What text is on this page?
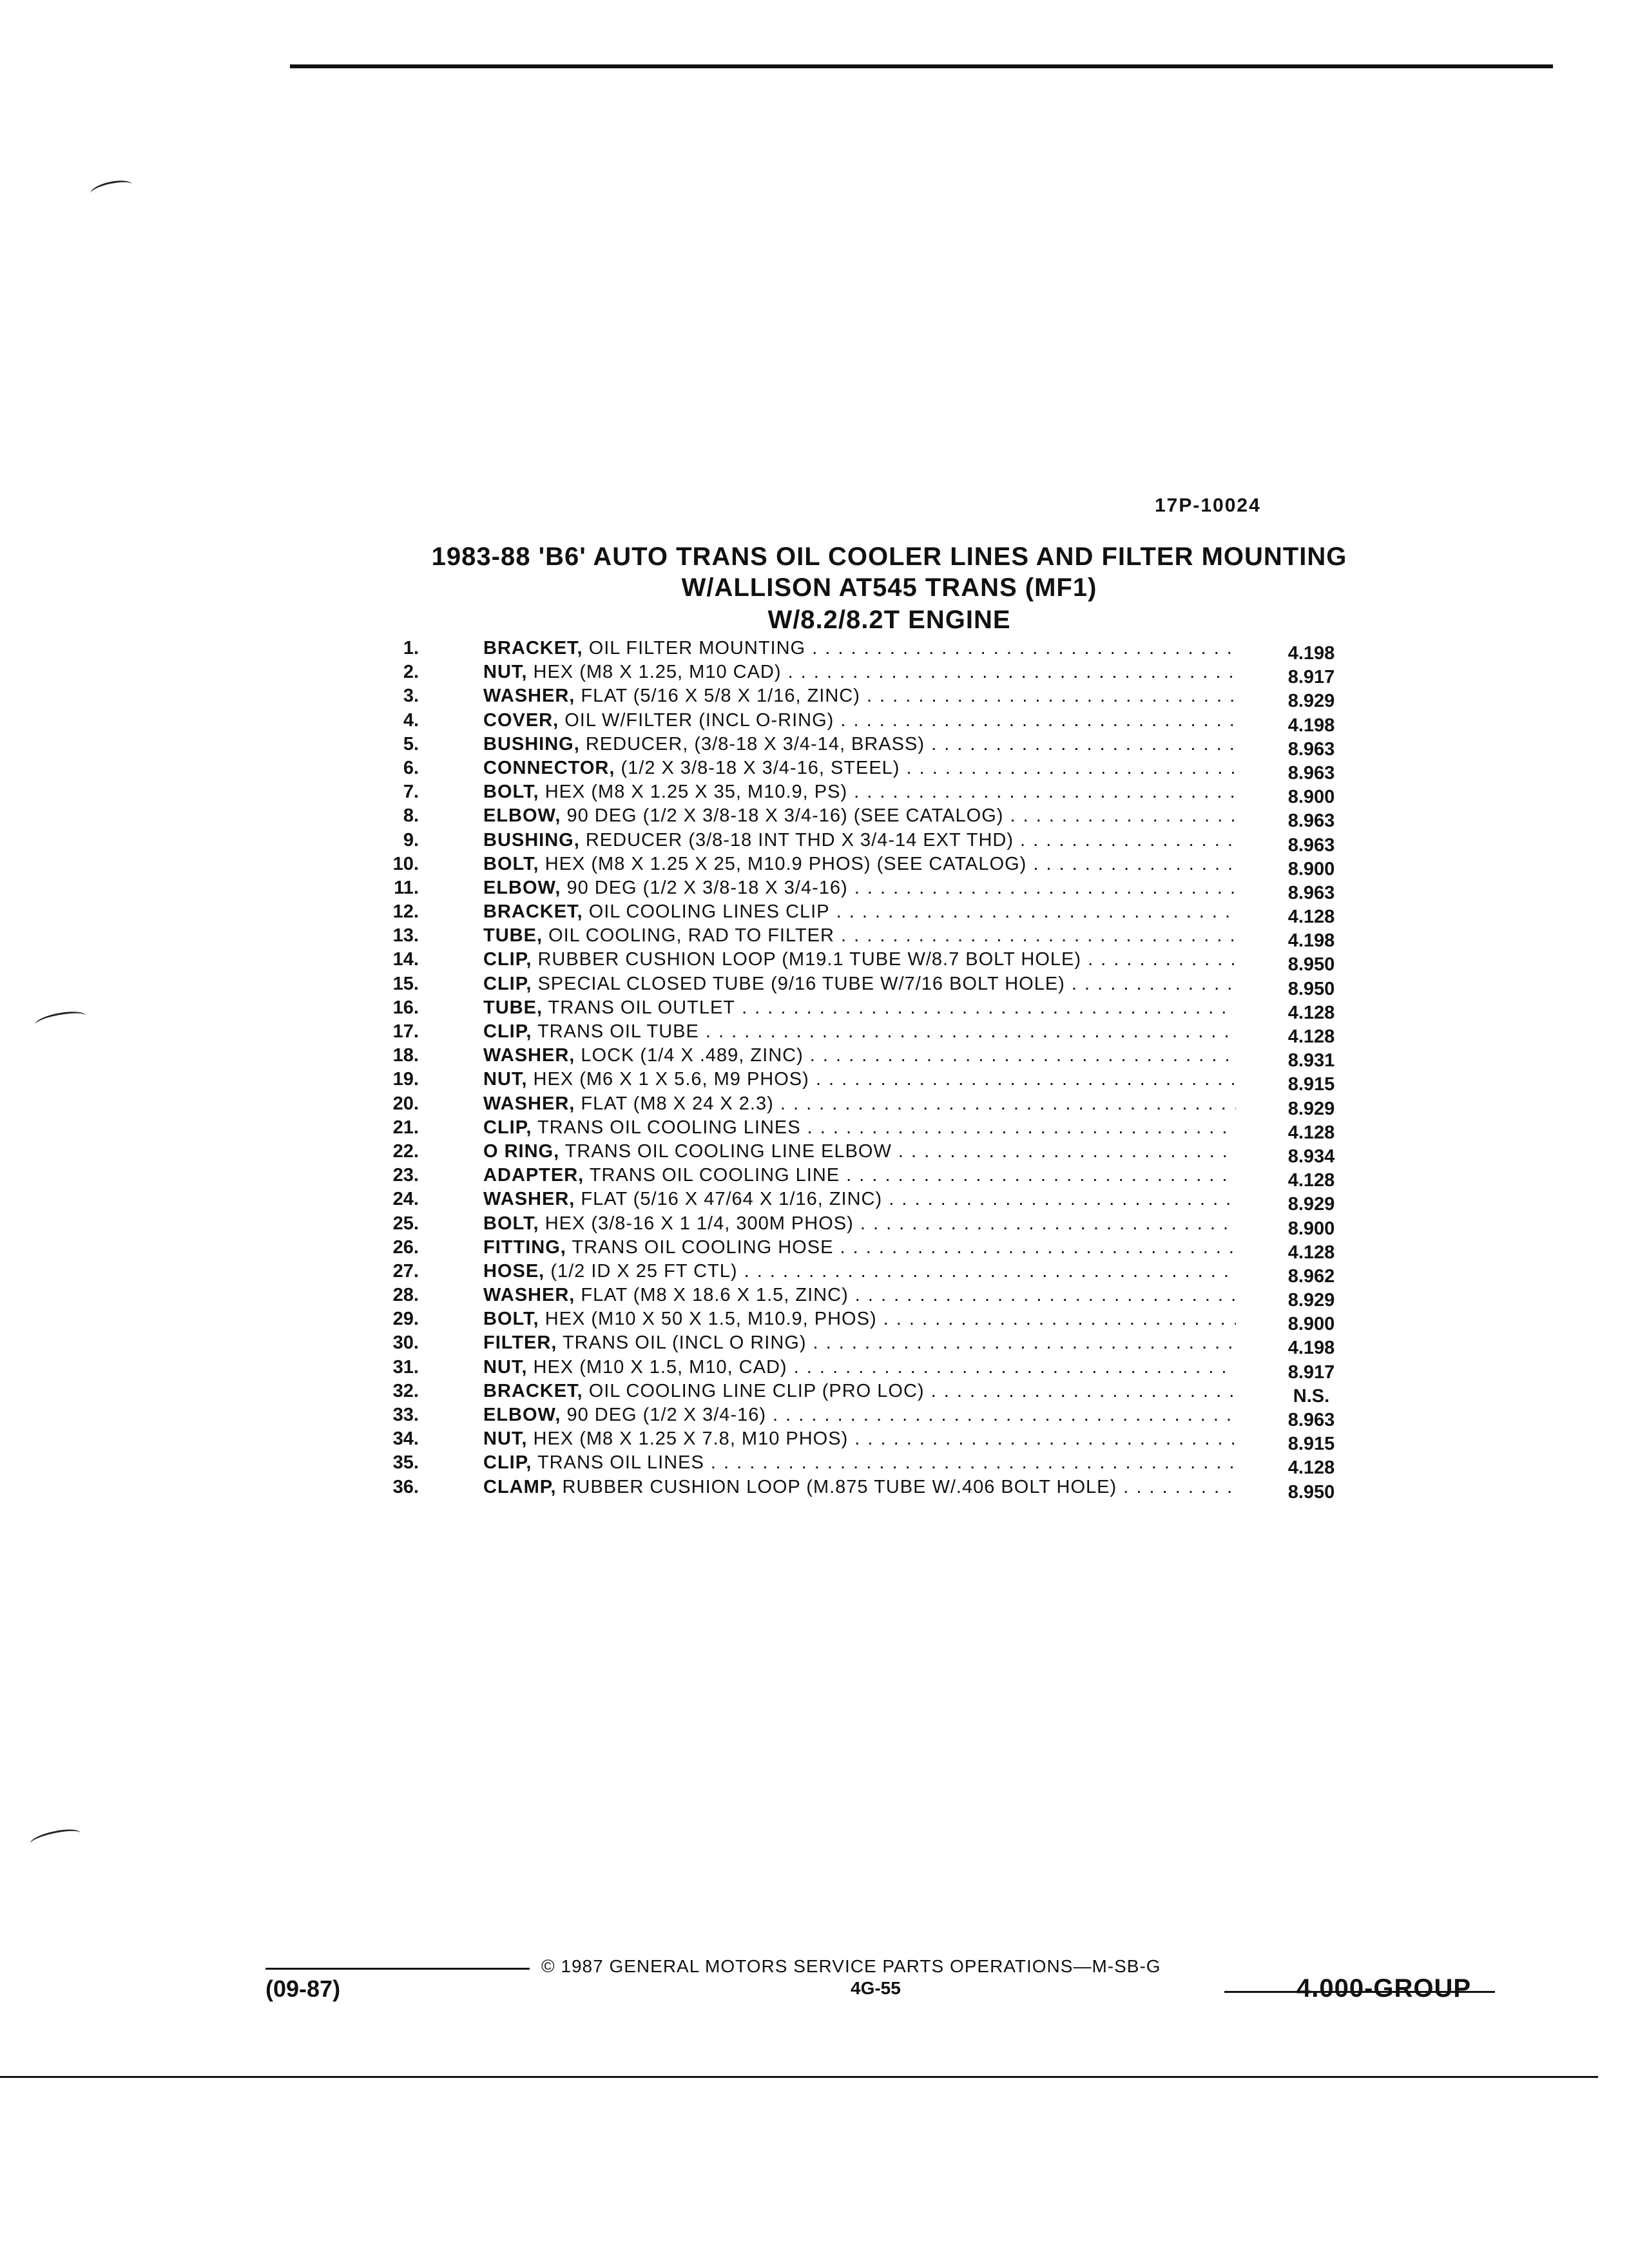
17P-10024
1983-88 'B6' AUTO TRANS OIL COOLER LINES AND FILTER MOUNTING
W/ALLISON AT545 TRANS (MF1)
W/8.2/8.2T ENGINE
1.	BRACKET, OIL FILTER MOUNTING . . .	4.198
2.	NUT, HEX (M8 X 1.25, M10 CAD) . . .	8.917
3.	WASHER, FLAT (5/16 X 5/8 X 1/16, ZINC) . . .	8.929
4.	COVER, OIL W/FILTER (INCL O-RING) . . .	4.198
5.	BUSHING, REDUCER, (3/8-18 X 3/4-14, BRASS) . . .	8.963
6.	CONNECTOR, (1/2 X 3/8-18 X 3/4-16, STEEL) . . .	8.963
7.	BOLT, HEX (M8 X 1.25 X 35, M10.9, PS) . . .	8.900
8.	ELBOW, 90 DEG (1/2 X 3/8-18 X 3/4-16) (SEE CATALOG) . . .	8.963
9.	BUSHING, REDUCER (3/8-18 INT THD X 3/4-14 EXT THD) . . .	8.963
10.	BOLT, HEX (M8 X 1.25 X 25, M10.9 PHOS) (SEE CATALOG) . . .	8.900
11.	ELBOW, 90 DEG (1/2 X 3/8-18 X 3/4-16) . . .	8.963
12.	BRACKET, OIL COOLING LINES CLIP . . .	4.128
13.	TUBE, OIL COOLING, RAD TO FILTER . . .	4.198
14.	CLIP, RUBBER CUSHION LOOP (M19.1 TUBE W/8.7 BOLT HOLE) . . .	8.950
15.	CLIP, SPECIAL CLOSED TUBE (9/16 TUBE W/7/16 BOLT HOLE) . . .	8.950
16.	TUBE, TRANS OIL OUTLET . . .	4.128
17.	CLIP, TRANS OIL TUBE . . .	4.128
18.	WASHER, LOCK (1/4 X .489, ZINC) . . .	8.931
19.	NUT, HEX (M6 X 1 X 5.6, M9 PHOS) . . .	8.915
20.	WASHER, FLAT (M8 X 24 X 2.3) . . .	8.929
21.	CLIP, TRANS OIL COOLING LINES . . .	4.128
22.	O RING, TRANS OIL COOLING LINE ELBOW . . .	8.934
23.	ADAPTER, TRANS OIL COOLING LINE . . .	4.128
24.	WASHER, FLAT (5/16 X 47/64 X 1/16, ZINC) . . .	8.929
25.	BOLT, HEX (3/8-16 X 1 1/4, 300M PHOS) . . .	8.900
26.	FITTING, TRANS OIL COOLING HOSE . . .	4.128
27.	HOSE, (1/2 ID X 25 FT CTL) . . .	8.962
28.	WASHER, FLAT (M8 X 18.6 X 1.5, ZINC) . . .	8.929
29.	BOLT, HEX (M10 X 50 X 1.5, M10.9, PHOS) . . .	8.900
30.	FILTER, TRANS OIL (INCL O RING) . . .	4.198
31.	NUT, HEX (M10 X 1.5, M10, CAD) . . .	8.917
32.	BRACKET, OIL COOLING LINE CLIP (PRO LOC) . . .	N.S.
33.	ELBOW, 90 DEG (1/2 X 3/4-16) . . .	8.963
34.	NUT, HEX (M8 X 1.25 X 7.8, M10 PHOS) . . .	8.915
35.	CLIP, TRANS OIL LINES . . .	4.128
36.	CLAMP, RUBBER CUSHION LOOP (M.875 TUBE W/.406 BOLT HOLE) . . .	8.950
(09-87)
© 1987 GENERAL MOTORS SERVICE PARTS OPERATIONS—M-SB-G
4G-55	4.000-GROUP
